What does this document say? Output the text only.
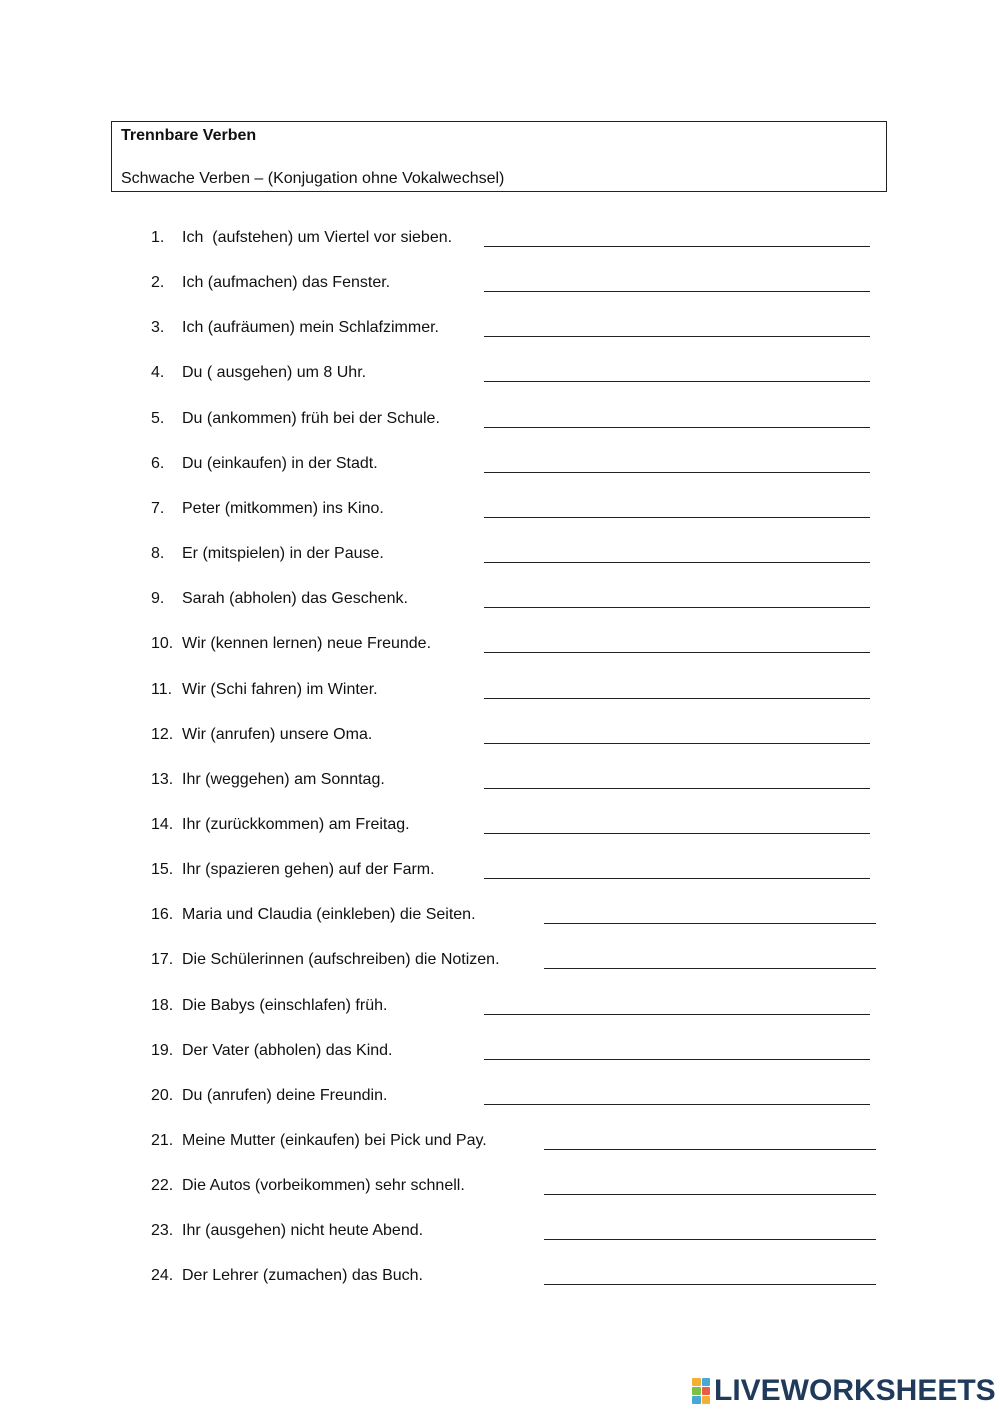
Trennbare Verben
Schwache Verben – (Konjugation ohne Vokalwechsel)
1. Ich  (aufstehen) um Viertel vor sieben.
2. Ich (aufmachen) das Fenster.
3. Ich (aufräumen) mein Schlafzimmer.
4. Du ( ausgehen) um 8 Uhr.
5. Du (ankommen) früh bei der Schule.
6. Du (einkaufen) in der Stadt.
7. Peter (mitkommen) ins Kino.
8. Er (mitspielen) in der Pause.
9. Sarah (abholen) das Geschenk.
10. Wir (kennen lernen) neue Freunde.
11. Wir (Schi fahren) im Winter.
12. Wir (anrufen) unsere Oma.
13. Ihr (weggehen) am Sonntag.
14. Ihr (zurückkommen) am Freitag.
15. Ihr (spazieren gehen) auf der Farm.
16. Maria und Claudia (einkleben) die Seiten.
17. Die Schülerinnen (aufschreiben) die Notizen.
18. Die Babys (einschlafen) früh.
19. Der Vater (abholen) das Kind.
20. Du (anrufen) deine Freundin.
21. Meine Mutter (einkaufen) bei Pick und Pay.
22. Die Autos (vorbeikommen) sehr schnell.
23. Ihr (ausgehen) nicht heute Abend.
24. Der Lehrer (zumachen) das Buch.
LIVEWORKSHEETS
